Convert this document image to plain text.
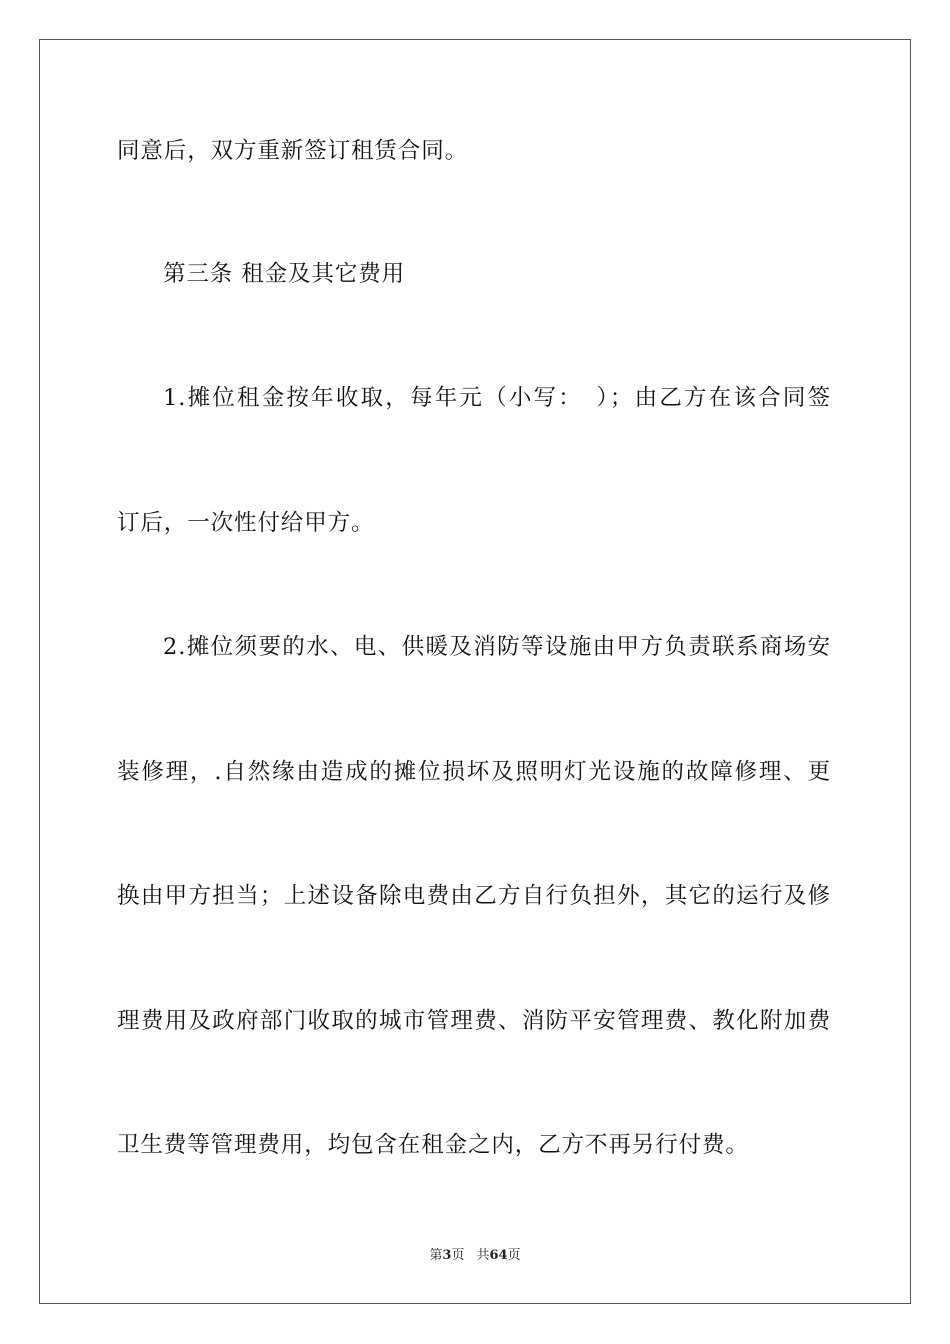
同意后，双方重新签订租赁合同。
第三条 租金及其它费用
1.摊位租金按年收取，每年元（小写：　）；由乙方在该合同签
订后，一次性付给甲方。
2.摊位须要的水、电、供暖及消防等设施由甲方负责联系商场安
装修理，.自然缘由造成的摊位损坏及照明灯光设施的故障修理、更
换由甲方担当；上述设备除电费由乙方自行负担外，其它的运行及修
理费用及政府部门收取的城市管理费、消防平安管理费、教化附加费
卫生费等管理费用，均包含在租金之内，乙方不再另行付费。
第3页 共64页
